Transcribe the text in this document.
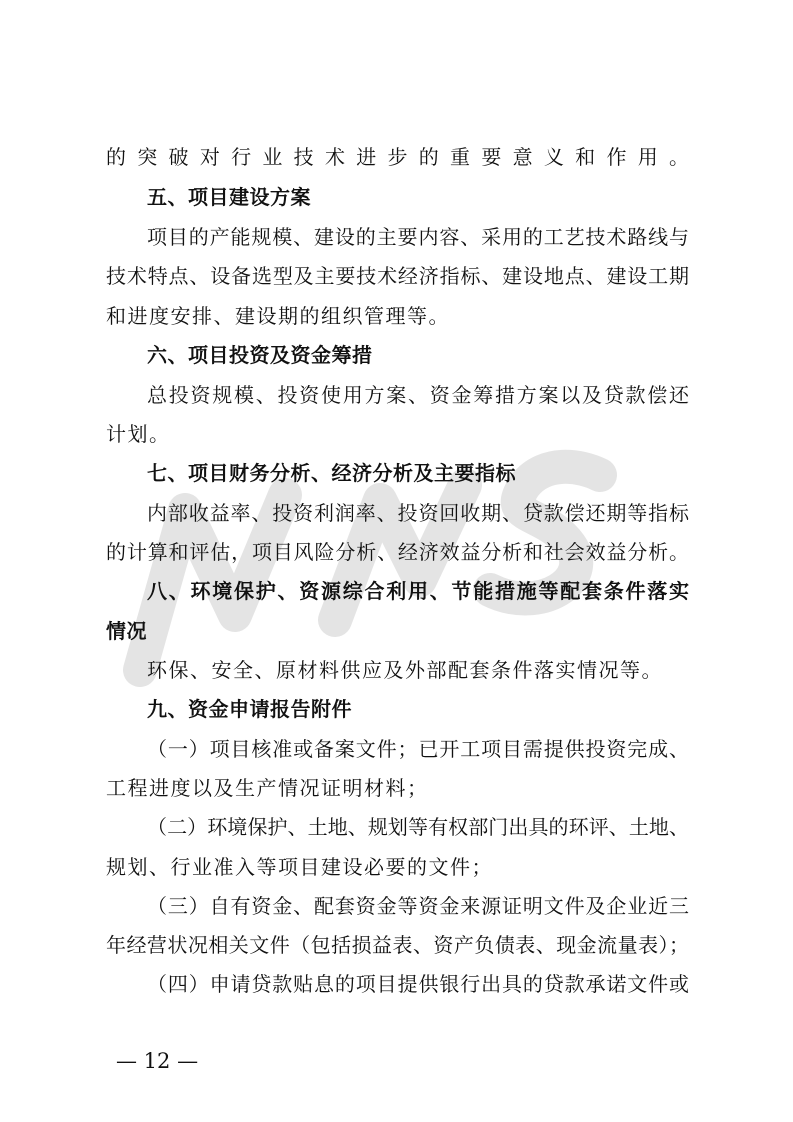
的突破对行业技术进步的重要意义和作用。
五、项目建设方案
项目的产能规模、建设的主要内容、采用的工艺技术路线与
技术特点、设备选型及主要技术经济指标、建设地点、建设工期
和进度安排、建设期的组织管理等。
六、项目投资及资金筹措
总投资规模、投资使用方案、资金筹措方案以及贷款偿还
计划。
七、项目财务分析、经济分析及主要指标
内部收益率、投资利润率、投资回收期、贷款偿还期等指标
的计算和评估，项目风险分析、经济效益分析和社会效益分析。
八、环境保护、资源综合利用、节能措施等配套条件落实
情况
环保、安全、原材料供应及外部配套条件落实情况等。
九、资金申请报告附件
（一）项目核准或备案文件；已开工项目需提供投资完成、
工程进度以及生产情况证明材料；
（二）环境保护、土地、规划等有权部门出具的环评、土地、
规划、行业准入等项目建设必要的文件；
（三）自有资金、配套资金等资金来源证明文件及企业近三
年经营状况相关文件（包括损益表、资产负债表、现金流量表）；
（四）申请贷款贴息的项目提供银行出具的贷款承诺文件或
— 12 —
